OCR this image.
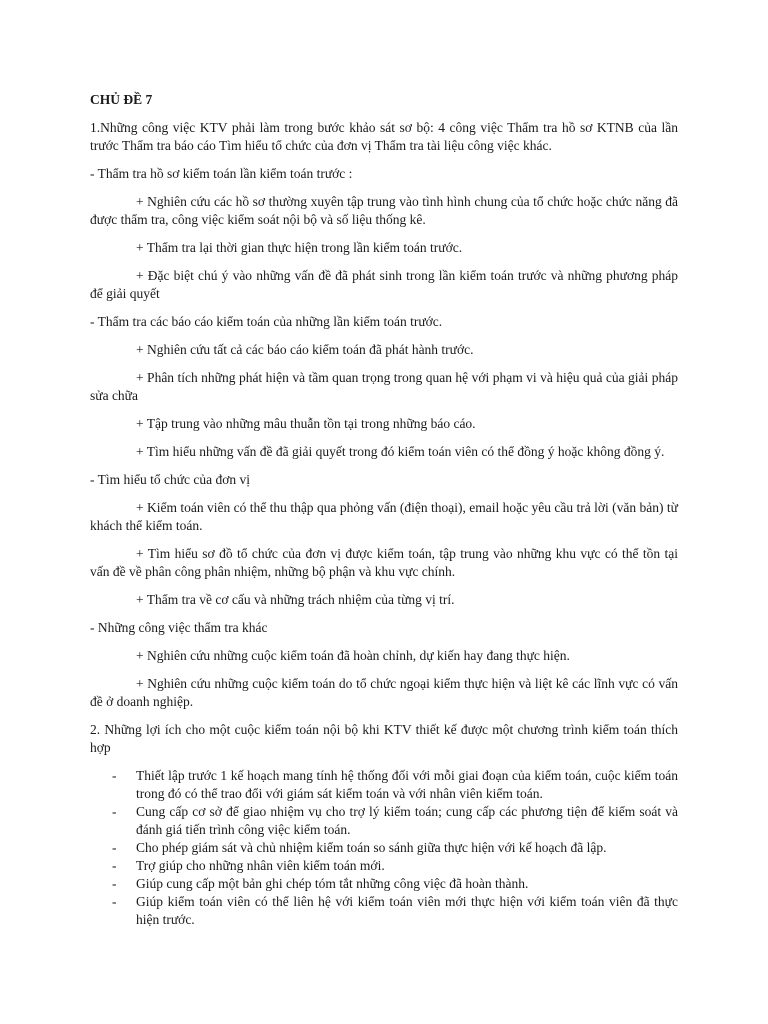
CHỦ ĐỀ 7
1.Những công việc KTV phải làm trong bước khảo sát sơ bộ: 4 công việc Thẩm tra hồ sơ KTNB của lần trước Thẩm tra báo cáo Tìm hiểu tổ chức của đơn vị Thẩm tra tài liệu công việc khác.
- Thẩm tra hồ sơ kiểm toán lần kiểm toán trước :
+ Nghiên cứu các hồ sơ thường xuyên tập trung vào tình hình chung của tổ chức hoặc chức năng đã được thẩm tra, công việc kiểm soát nội bộ và số liệu thống kê.
+ Thẩm tra lại thời gian thực hiện trong lần kiểm toán trước.
+ Đặc biệt chú ý vào những vấn đề đã phát sinh trong lần kiểm toán trước và những phương pháp để giải quyết
- Thẩm tra các báo cáo kiểm toán của những lần kiểm toán trước.
+ Nghiên cứu tất cả các báo cáo kiểm toán đã phát hành trước.
+ Phân tích những phát hiện và tầm quan trọng trong quan hệ với phạm vi và hiệu quả của giải pháp sửa chữa
+ Tập trung vào những mâu thuẫn tồn tại trong những báo cáo.
+ Tìm hiểu những vấn đề đã giải quyết trong đó kiểm toán viên có thể đồng ý hoặc không đồng ý.
- Tìm hiểu tổ chức của đơn vị
+ Kiểm toán viên có thể thu thập qua phỏng vấn (điện thoại), email hoặc yêu cầu trả lời (văn bản) từ khách thể kiểm toán.
+ Tìm hiểu sơ đồ tổ chức của đơn vị được kiểm toán, tập trung vào những khu vực có thể tồn tại vấn đề về phân công phân nhiệm, những bộ phận và khu vực chính.
+ Thẩm tra về cơ cấu và những trách nhiệm của từng vị trí.
- Những công việc thẩm tra khác
+ Nghiên cứu những cuộc kiểm toán đã hoàn chỉnh, dự kiến hay đang thực hiện.
+ Nghiên cứu những cuộc kiểm toán do tổ chức ngoại kiểm thực hiện và liệt kê các lĩnh vực có vấn đề ở doanh nghiệp.
2. Những lợi ích cho một cuộc kiểm toán nội bộ khi KTV thiết kế được một chương trình kiểm toán thích hợp
- Thiết lập trước 1 kế hoạch mang tính hệ thống đối với mỗi giai đoạn của kiểm toán, cuộc kiểm toán trong đó có thể trao đổi với giám sát kiểm toán và với nhân viên kiểm toán.
- Cung cấp cơ sở để giao nhiệm vụ cho trợ lý kiểm toán; cung cấp các phương tiện để kiểm soát và đánh giá tiến trình công việc kiểm toán.
- Cho phép giám sát và chủ nhiệm kiểm toán so sánh giữa thực hiện với kế hoạch đã lập.
- Trợ giúp cho những nhân viên kiểm toán mới.
- Giúp cung cấp một bản ghi chép tóm tắt những công việc đã hoàn thành.
- Giúp kiểm toán viên có thể liên hệ với kiểm toán viên mới thực hiện với kiểm toán viên đã thực hiện trước.
